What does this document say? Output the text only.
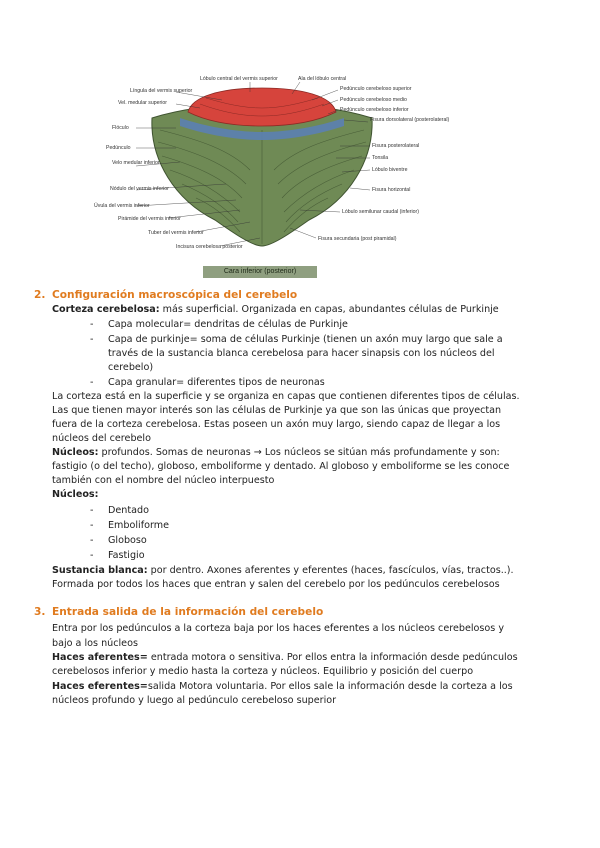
Língula del vermis superior
Vel. medular superior
Flóculo
Pedúnculo
Velo medular inferior
Nódulo del vermis inferior
Úvula del vermis inferior
Pirámide del vermis inferior
Tuber del vermis inferior
Incisura cerebelosa posterior
Lóbulo central del vermis superior	Ala del lóbulo central
Pedúnculo cerebeloso superior
Pedúnculo cerebeloso medio
Pedúnculo cerebeloso inferior
Fisura dorsolateral (posterolateral)
Fisura posterolateral
Tonsila
Lóbulo biventre
Fisura horizontal
Lóbulo semilunar caudal (inferior)
Fisura secundaria (post piramidal)
Cara inferior (posterior)
2. Configuración macroscópica del cerebelo
Corteza cerebelosa: más superficial. Organizada en capas, abundantes células de Purkinje
- Capa molecular= dendritas de células de Purkinje
- Capa de purkinje= soma de células Purkinje (tienen un axón muy largo que sale a
través de la sustancia blanca cerebelosa para hacer sinapsis con los núcleos del
cerebelo)
- Capa granular= diferentes tipos de neuronas
La corteza está en la superficie y se organiza en capas que contienen diferentes tipos de células.
Las que tienen mayor interés son las células de Purkinje ya que son las únicas que proyectan
fuera de la corteza cerebelosa. Estas poseen un axón muy largo, siendo capaz de llegar a los
núcleos del cerebelo
Núcleos: profundos. Somas de neuronas → Los núcleos se sitúan más profundamente y son:
fastigio (o del techo), globoso, emboliforme y dentado. Al globoso y emboliforme se les conoce
también con el nombre del núcleo interpuesto
Núcleos:
- Dentado
- Emboliforme
- Globoso
- Fastigio
Sustancia blanca: por dentro. Axones aferentes y eferentes (haces, fascículos, vías, tractos..).
Formada por todos los haces que entran y salen del cerebelo por los pedúnculos cerebelosos
3. Entrada salida de la información del cerebelo
Entra por los pedúnculos a la corteza baja por los haces eferentes a los núcleos cerebelosos y
bajo a los núcleos
Haces aferentes= entrada motora o sensitiva. Por ellos entra la información desde pedúnculos
cerebelosos inferior y medio hasta la corteza y núcleos. Equilibrio y posición del cuerpo
Haces eferentes=salida Motora voluntaria. Por ellos sale la información desde la corteza a los
núcleos profundo y luego al pedúnculo cerebeloso superior
